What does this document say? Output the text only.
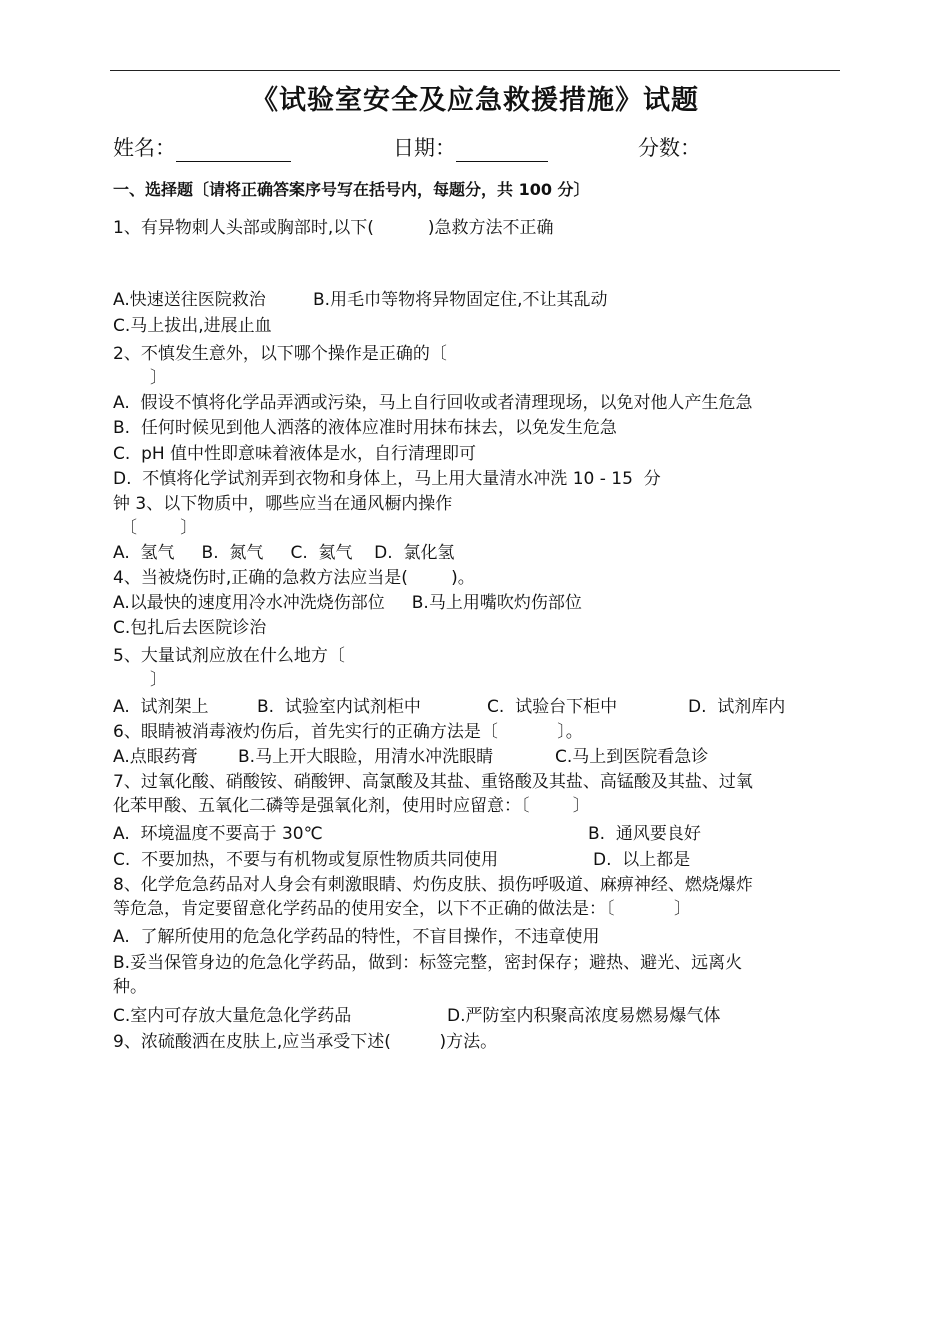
《试验室安全及应急救援措施》试题
姓名：	日期：	分数：
一、选择题〔请将正确答案序号写在括号内，每题分，共 100 分〕
1、有异物刺人头部或胸部时,以下(          )急救方法不正确
A.快速送往医院救治	B.用毛巾等物将异物固定住,不让其乱动
C.马上拔出,进展止血
2、不慎发生意外，以下哪个操作是正确的〔
〕
A.  假设不慎将化学品弄洒或污染，马上自行回收或者清理现场，以免对他人产生危急
B.  任何时候见到他人洒落的液体应准时用抹布抹去，以免发生危急
C.  pH 值中性即意味着液体是水，自行清理即可
D.  不慎将化学试剂弄到衣物和身体上，马上用大量清水冲洗 10 - 15  分
钟 3、以下物质中，哪些应当在通风橱内操作
〔        〕
A.  氢气     B.  氮气     C.  氦气    D.  氯化氢
4、当被烧伤时,正确的急救方法应当是(        )。
A.以最快的速度用冷水冲洗烧伤部位     B.马上用嘴吹灼伤部位
C.包扎后去医院诊治
5、大量试剂应放在什么地方〔
〕
A.  试剂架上	B.  试验室内试剂柜中	C.  试验台下柜中	D.  试剂库内
6、眼睛被消毒液灼伤后，首先实行的正确方法是〔           〕。
A.点眼药膏 B.马上开大眼睑，用清水冲洗眼睛	C.马上到医院看急诊
7、过氧化酸、硝酸铵、硝酸钾、高氯酸及其盐、重铬酸及其盐、高锰酸及其盐、过氧
化苯甲酸、五氧化二磷等是强氧化剂，使用时应留意：〔        〕
A.  环境温度不要高于 30℃	B.  通风要良好
C.  不要加热，不要与有机物或复原性物质共同使用	D.  以上都是
8、化学危急药品对人身会有刺激眼睛、灼伤皮肤、损伤呼吸道、麻痹神经、燃烧爆炸
等危急，肯定要留意化学药品的使用安全，以下不正确的做法是：〔           〕
A.  了解所使用的危急化学药品的特性，不盲目操作，不违章使用
B.妥当保管身边的危急化学药品，做到：标签完整，密封保存；避热、避光、远离火
种。
C.室内可存放大量危急化学药品	D.严防室内积聚高浓度易燃易爆气体
9、浓硫酸洒在皮肤上,应当承受下述(         )方法。
